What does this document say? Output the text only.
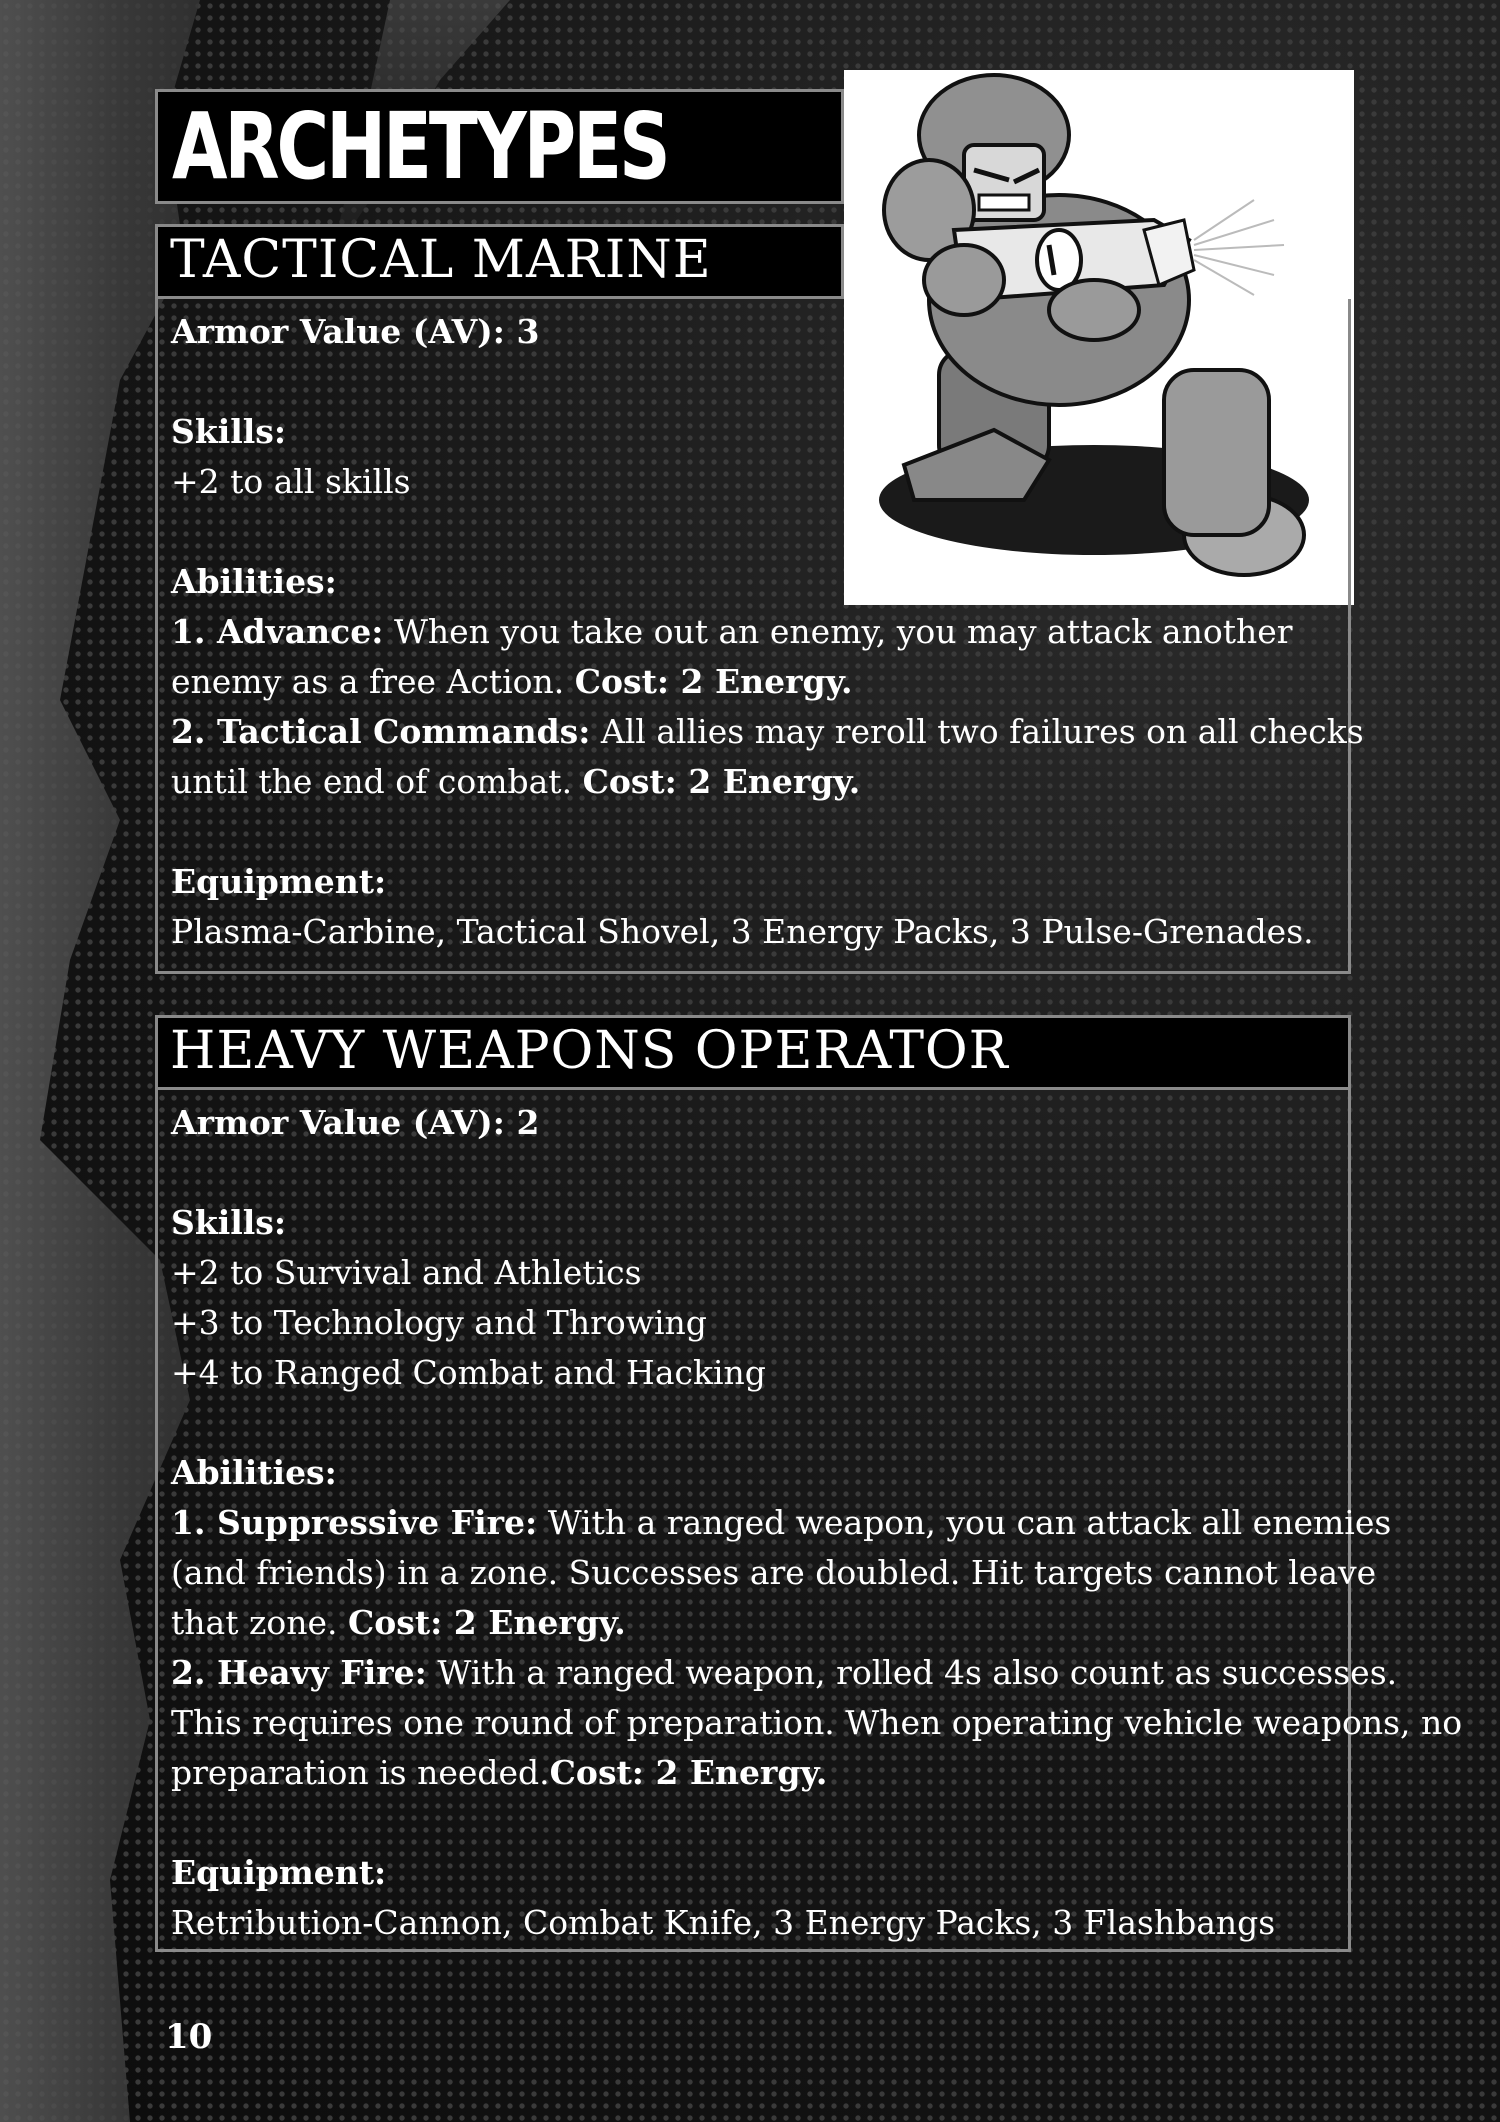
ARCHETYPES
TACTICAL MARINE

Armor Value (AV): 3

Skills:

+2 to all skills

Abilities:

1. Advance: When you take out an enemy, you may attack another

enemy as a free Action. Cost: 2 Energy.

2. Tactical Commands: All allies may reroll two failures on all checks

until the end of combat. Cost: 2 Energy.

Equipment:

Plasma-Carbine, Tactical Shovel, 3 Energy Packs, 3 Pulse-Grenades.

HEAVY WEAPONS OPERATOR

Armor Value (AV): 2

Skills:

+2 to Survival and Athletics

+3 to Technology and Throwing

+4 to Ranged Combat and Hacking

Abilities:

1. Suppressive Fire: With a ranged weapon, you can attack all enemies

(and friends) in a zone. Successes are doubled. Hit targets cannot leave

that zone. Cost: 2 Energy.

2. Heavy Fire: With a ranged weapon, rolled 4s also count as successes.

This requires one round of preparation. When operating vehicle weapons, no

preparation is needed.Cost: 2 Energy.

Equipment:

Retribution-Cannon, Combat Knife, 3 Energy Packs, 3 Flashbangs

10
